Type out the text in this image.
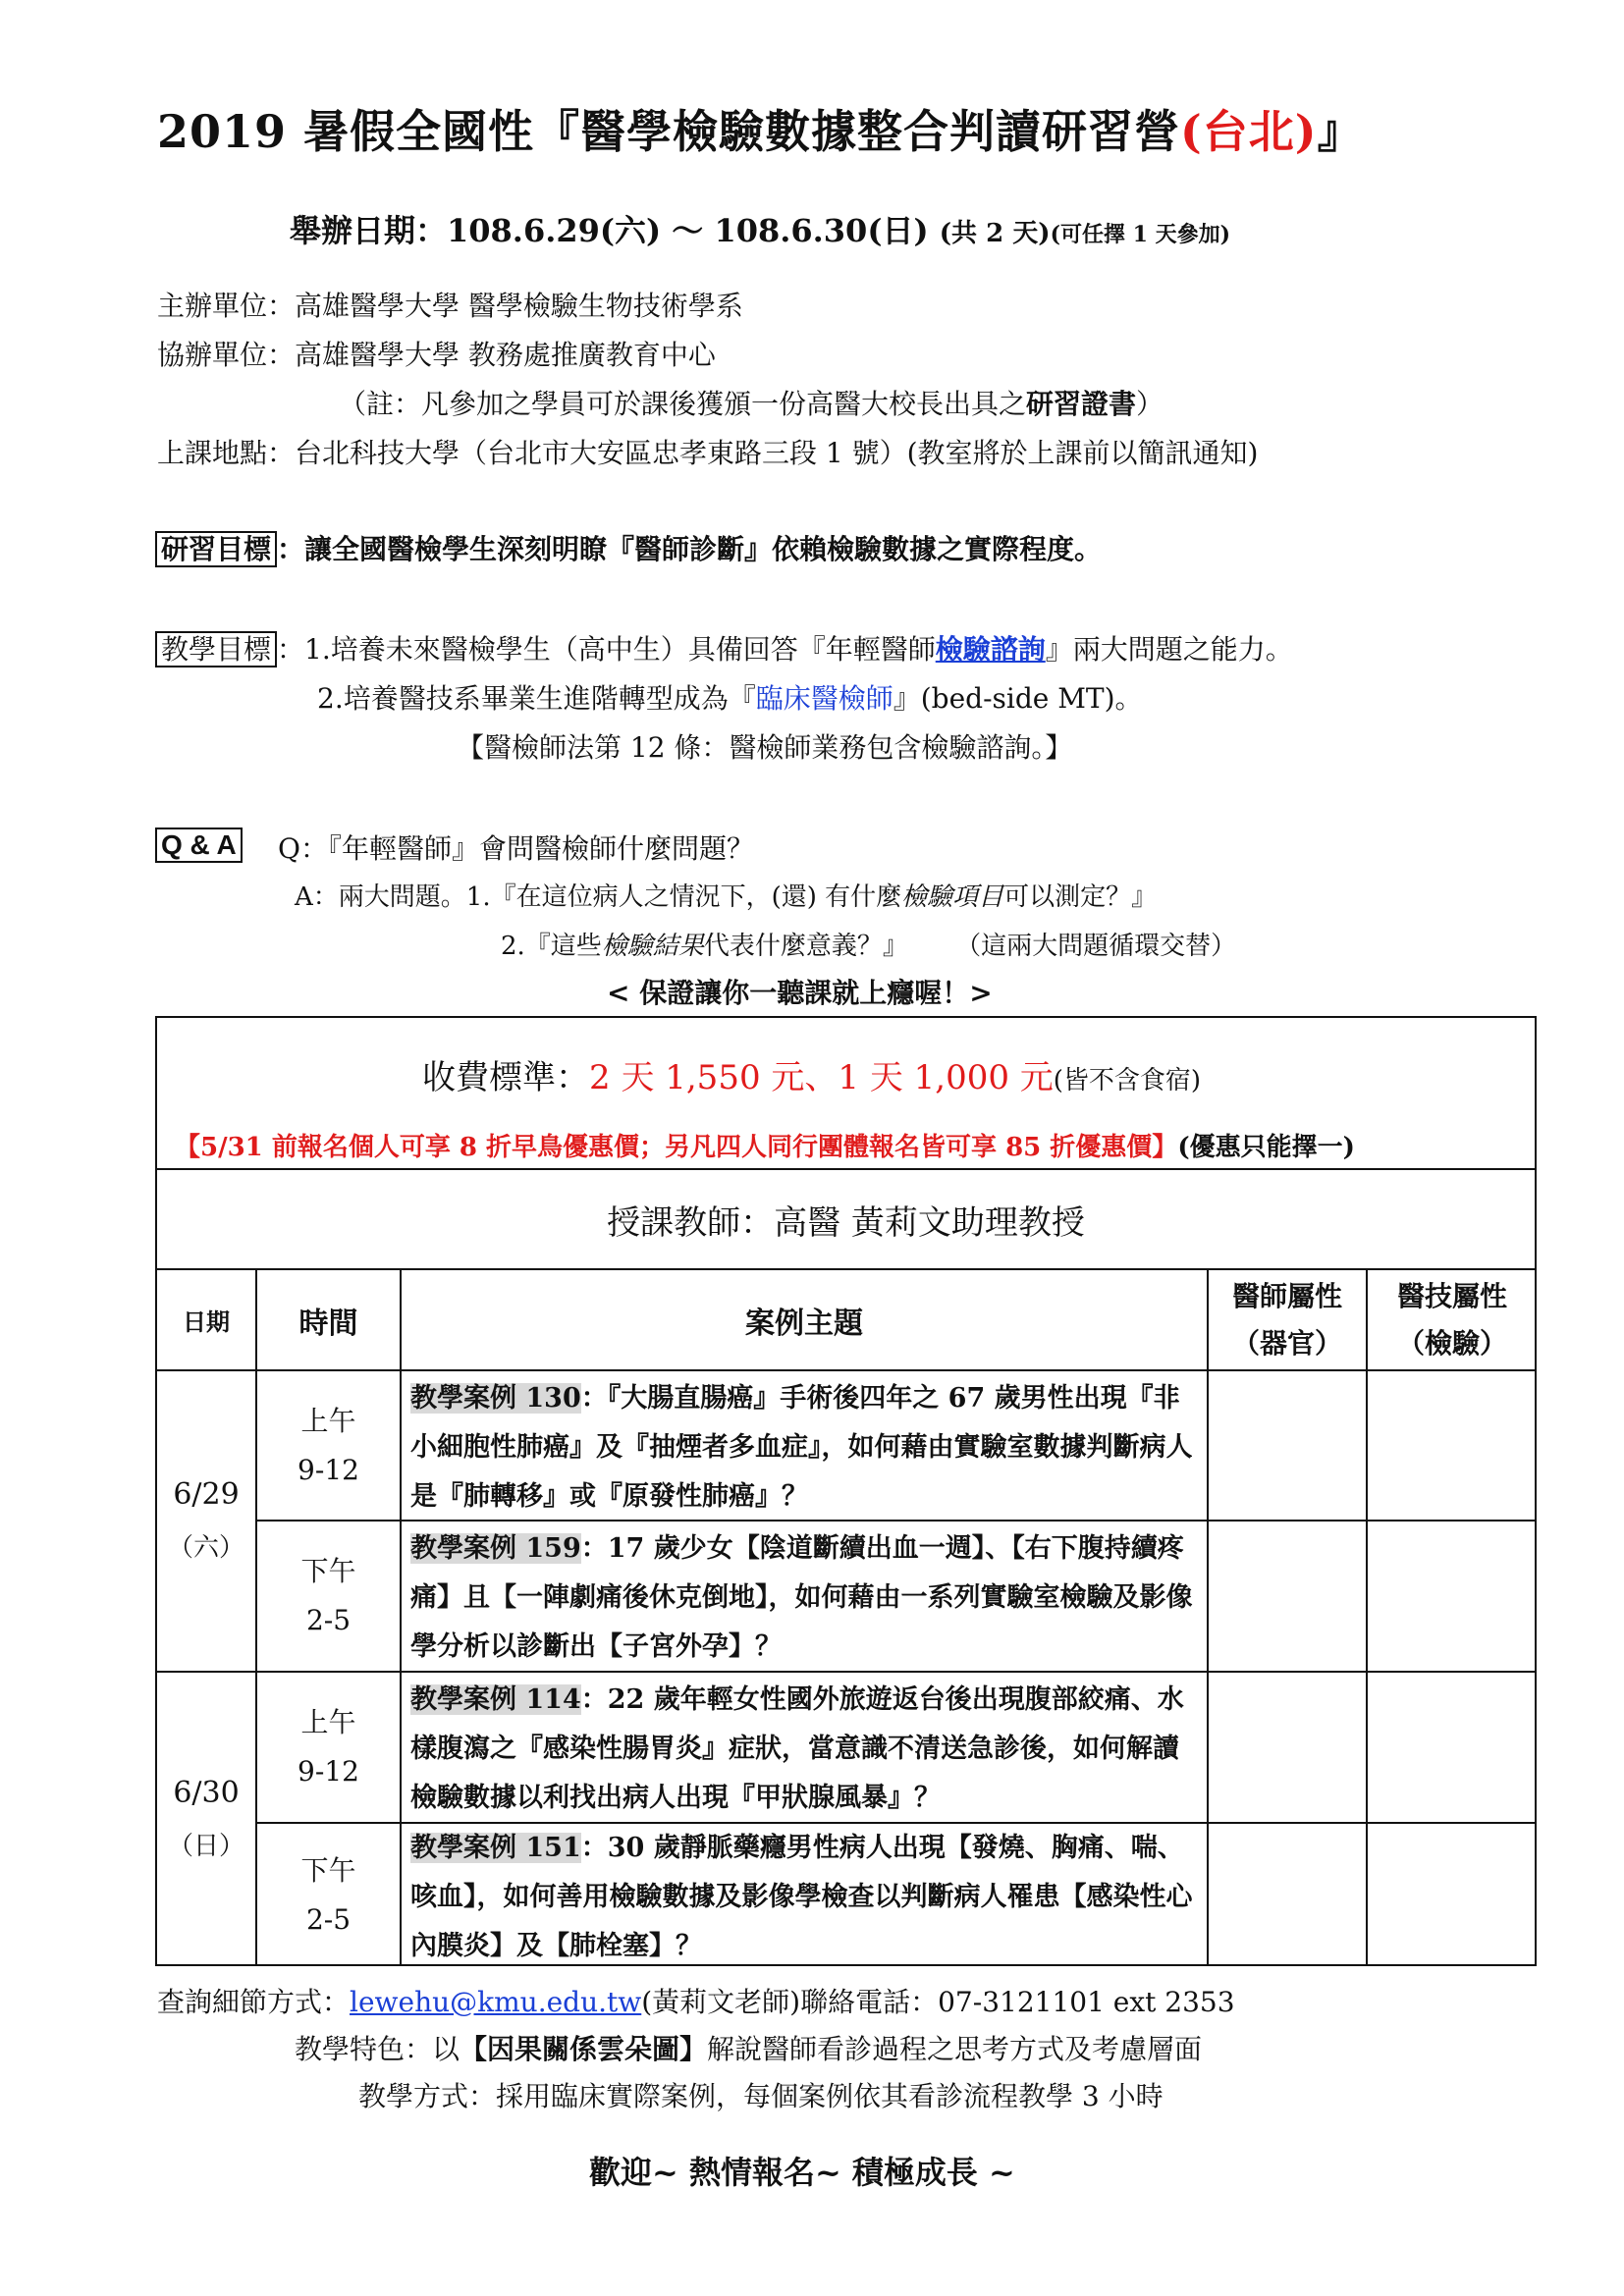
2019 暑假全國性『醫學檢驗數據整合判讀研習營(台北)』
舉辦日期：108.6.29(六) ～ 108.6.30(日) (共 2 天)(可任擇 1 天參加)
主辦單位：高雄醫學大學 醫學檢驗生物技術學系
協辦單位：高雄醫學大學 教務處推廣教育中心
（註：凡參加之學員可於課後獲頒一份高醫大校長出具之研習證書）
上課地點：台北科技大學（台北市大安區忠孝東路三段 1 號）(教室將於上課前以簡訊通知)
研習目標 ：讓全國醫檢學生深刻明瞭『醫師診斷』依賴檢驗數據之實際程度。
教學目標 ：1.培養未來醫檢學生（高中生）具備回答『年輕醫師檢驗諮詢』兩大問題之能力。
2.培養醫技系畢業生進階轉型成為『臨床醫檢師』(bed-side MT)。
【醫檢師法第 12 條：醫檢師業務包含檢驗諮詢。】
Q & A Q：『年輕醫師』會問醫檢師什麼問題？
A：兩大問題。1.『在這位病人之情況下，(還) 有什麼檢驗項目可以測定？』
2.『這些檢驗結果代表什麼意義？』 （這兩大問題循環交替）
< 保證讓你一聽課就上癮喔！>
收費標準：2 天 1,550 元、1 天 1,000 元(皆不含食宿)
【5/31 前報名個人可享 8 折早鳥優惠價；另凡四人同行團體報名皆可享 85 折優惠價】(優惠只能擇一)
授課教師：高醫 黃莉文助理教授
日期	時間	案例主題
醫師屬性
（器官）
醫技屬性
（檢驗）
6/29
（六）
6/30
（日）
上午
9-12
下午
2-5
上午
9-12
下午
2-5
教學案例 130：『大腸直腸癌』手術後四年之 67 歲男性出現『非小細胞性肺癌』及『抽煙者多血症』，如何藉由實驗室數據判斷病人是『肺轉移』或『原發性肺癌』？
教學案例 159：17 歲少女【陰道斷續出血一週】、【右下腹持續疼痛】且【一陣劇痛後休克倒地】，如何藉由一系列實驗室檢驗及影像學分析以診斷出【子宮外孕】？
教學案例 114：22 歲年輕女性國外旅遊返台後出現腹部絞痛、水樣腹瀉之『感染性腸胃炎』症狀，當意識不清送急診後，如何解讀檢驗數據以利找出病人出現『甲狀腺風暴』？
教學案例 151：30 歲靜脈藥癮男性病人出現【發燒、胸痛、喘、咳血】，如何善用檢驗數據及影像學檢查以判斷病人罹患【感染性心內膜炎】及【肺栓塞】？
查詢細節方式：lewehu@kmu.edu.tw(黃莉文老師)聯絡電話：07-3121101 ext 2353
教學特色：以【因果關係雲朵圖】解說醫師看診過程之思考方式及考慮層面
教學方式：採用臨床實際案例，每個案例依其看診流程教學 3 小時
歡迎~ 熱情報名~ 積極成長 ~
